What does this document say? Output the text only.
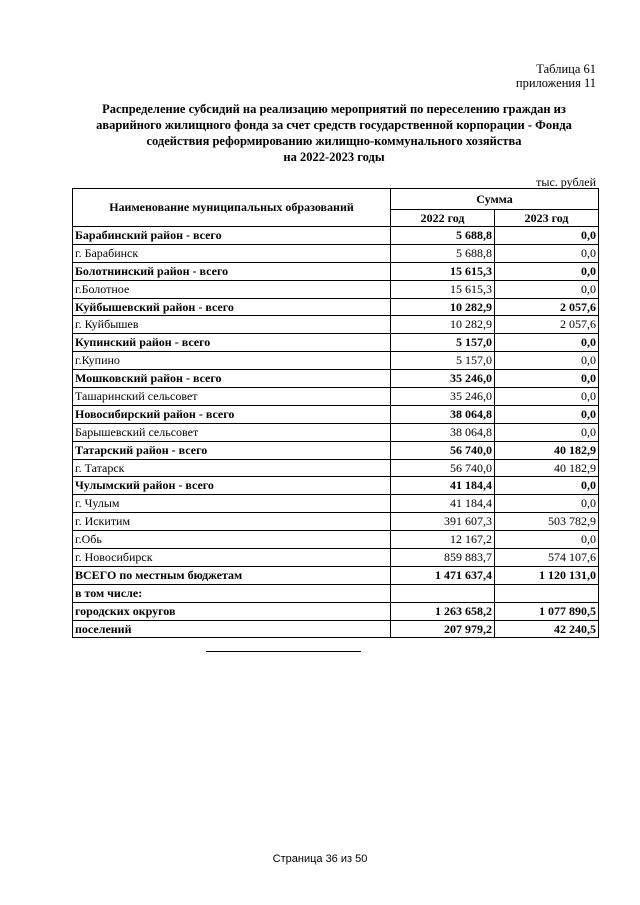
Таблица 61
приложения 11
Распределение субсидий на реализацию мероприятий по переселению граждан из
аварийного жилищного фонда за счет средств государственной корпорации - Фонда
содействия реформированию жилищно-коммунального хозяйства
на 2022-2023 годы
тыс. рублей
Наименование муниципальных образований	Сумма	
	2022 год	2023 год
Барабинский район - всего	5 688,8	0,0
г. Барабинск	5 688,8	0,0
Болотнинский район - всего	15 615,3	0,0
г.Болотное	15 615,3	0,0
Куйбышевский район - всего	10 282,9	2 057,6
г. Куйбышев	10 282,9	2 057,6
Купинский район - всего	5 157,0	0,0
г.Купино	5 157,0	0,0
Мошковский район - всего	35 246,0	0,0
Ташаринский сельсовет	35 246,0	0,0
Новосибирский район - всего	38 064,8	0,0
Барышевский сельсовет	38 064,8	0,0
Татарский район - всего	56 740,0	40 182,9
г. Татарск	56 740,0	40 182,9
Чулымский район - всего	41 184,4	0,0
г. Чулым	41 184,4	0,0
г. Искитим	391 607,3	503 782,9
г.Обь	12 167,2	0,0
г. Новосибирск	859 883,7	574 107,6
ВСЕГО по местным бюджетам	1 471 637,4	1 120 131,0
в том числе:		
городских округов	1 263 658,2	1 077 890,5
поселений	207 979,2	42 240,5
Страница 36 из 50
